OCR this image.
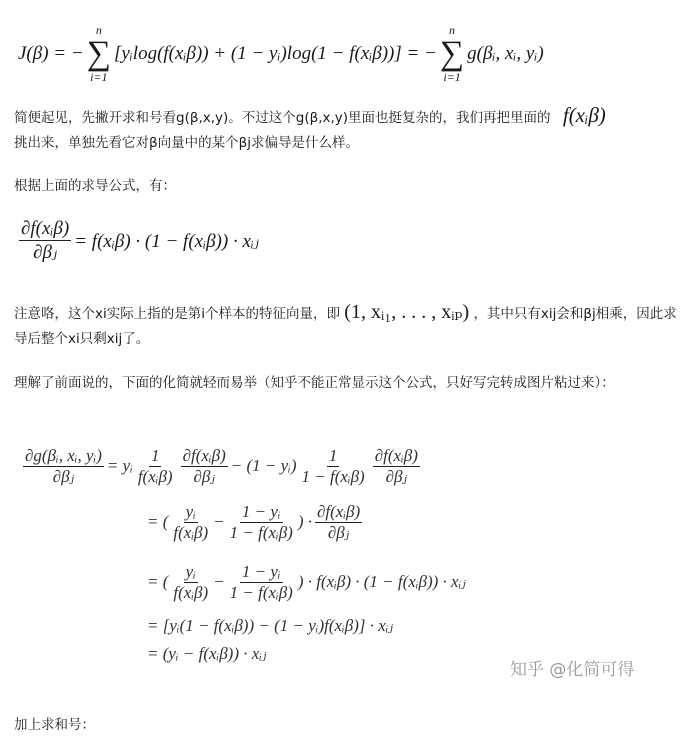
J(β) = −
n
∑
i=1
[yᵢlog(f(xᵢβ)) + (1 − yᵢ)log(1 − f(xᵢβ))] = −
n
∑
i=1
g(βᵢ, xᵢ, yᵢ)
简便起见，先撇开求和号看g(β,x,y)。不过这个g(β,x,y)里面也挺复杂的，我们再把里面的 f(xᵢβ)
挑出来，单独先看它对β向量中的某个βj求偏导是什么样。
根据上面的求导公式，有：
$\frac{\text{∂f(xᵢβ)}}{\text{∂βⱼ}}$ = f(xᵢβ) · (1 − f(xᵢβ)) · xᵢⱼ
注意咯，这个xi实际上指的是第i个样本的特征向量，即 (1, xᵢ₁, . . . , xᵢₚ) ，其中只有xij会和βj相乘，因此求导后整个xi只剩xij了。
理解了前面说的，下面的化简就轻而易举（知乎不能正常显示这个公式，只好写完转成图片粘过来）：
$\frac{\text{∂g(βᵢ, xᵢ, yᵢ)}}{\text{∂βⱼ}}$ = yᵢ $\frac{1}{\text{f(xᵢβ)}} \frac{\text{∂f(xᵢβ)}}{\text{∂βⱼ}} - (1$ − yᵢ) $\frac{1}{\text{1 − f(xᵢβ)}} \frac{\text{∂f(xᵢβ)}}{\text{∂βⱼ}}$
= ( $\frac{\text{yᵢ}}{\text{f(xᵢβ)}} - \frac{\text{1 − yᵢ}}{\text{1 − f(xᵢβ)}}$ ) · $\frac{\text{∂f(xᵢβ)}}{\text{∂βⱼ}}$
= ( $\frac{\text{yᵢ}}{\text{f(xᵢβ)}} - \frac{\text{1 − yᵢ}}{\text{1 − f(xᵢβ)}}$ ) · f(xᵢβ) · (1 − f(xᵢβ)) · xᵢⱼ
= [yᵢ(1 − f(xᵢβ)) − (1 − yᵢ)f(xᵢβ)] · xᵢⱼ
= (yᵢ − f(xᵢβ)) · xᵢⱼ
知乎 @化简可得
加上求和号：
